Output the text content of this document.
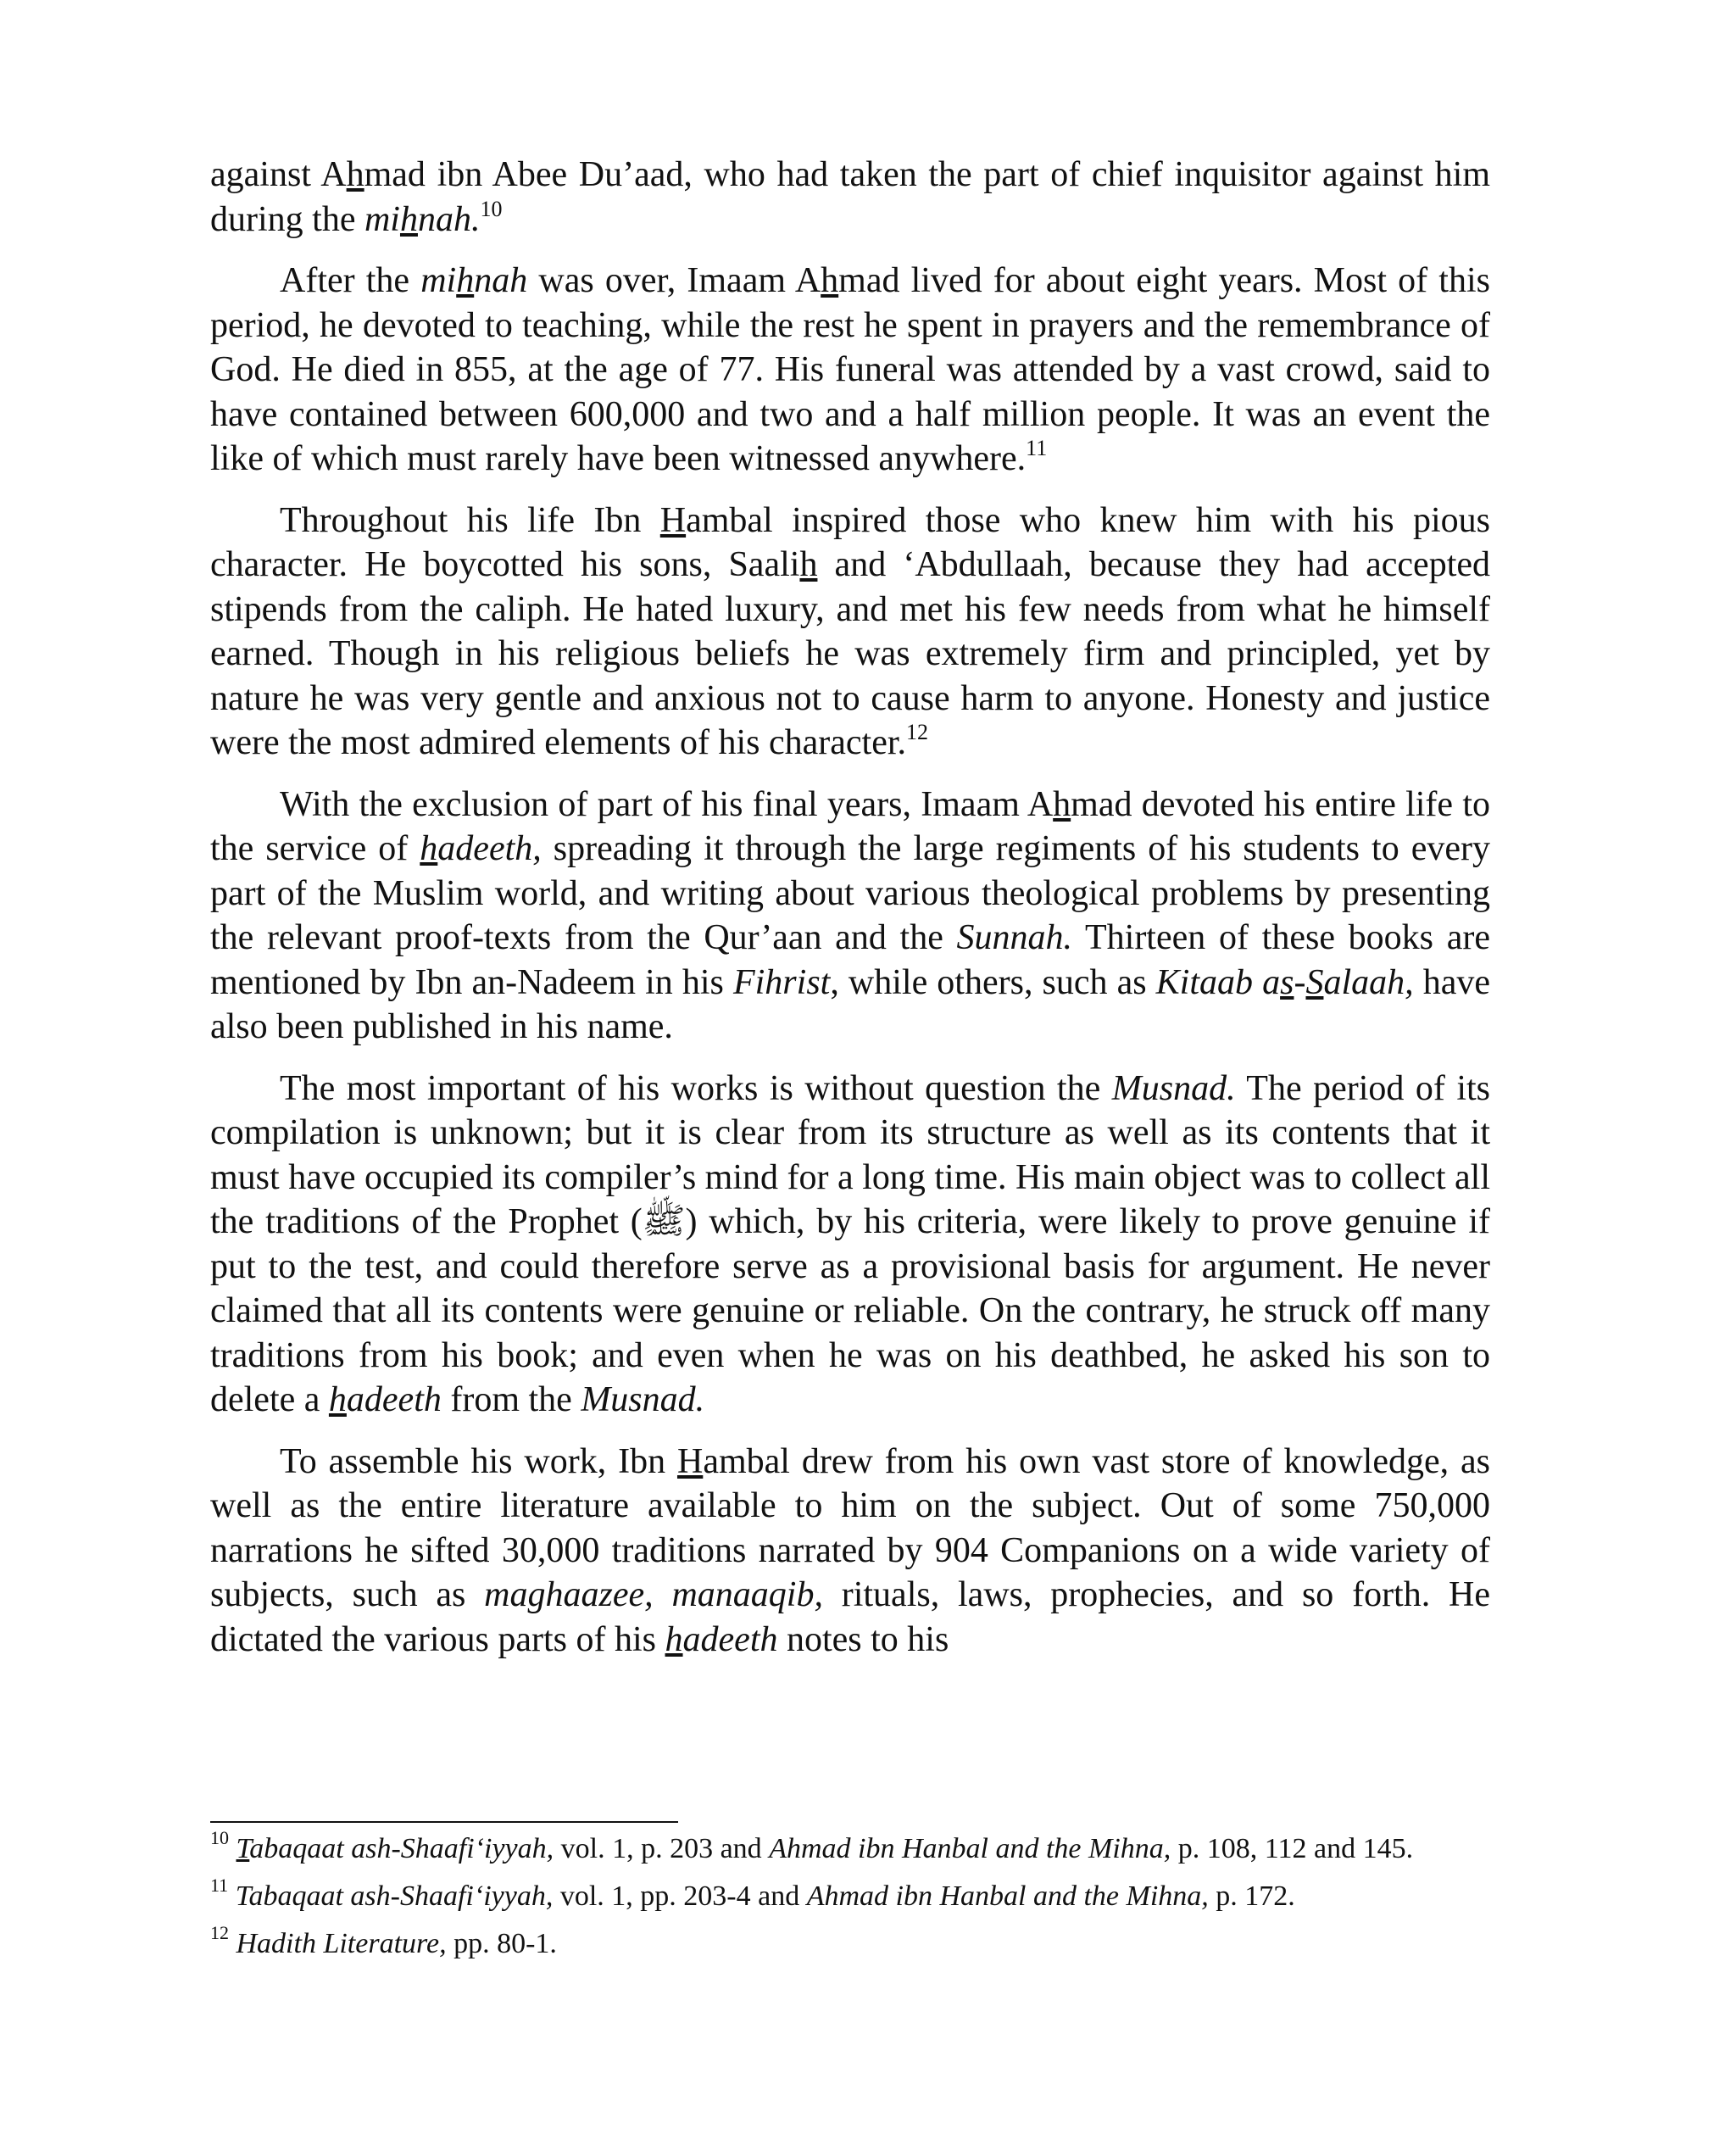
against Ahmad ibn Abee Du’aad, who had taken the part of chief inquisitor against him during the mihnah.$^{10}$

After the mihnah was over, Imaam Ahmad lived for about eight years. Most of this period, he devoted to teaching, while the rest he spent in prayers and the remembrance of God. He died in 855, at the age of 77. His funeral was attended by a vast crowd, said to have contained between 600,000 and two and a half million people. It was an event the like of which must rarely have been witnessed anywhere.$^{11}$

Throughout his life Ibn Hambal inspired those who knew him with his pious character. He boycotted his sons, Saalih and ‘Abdullaah, because they had accepted stipends from the caliph. He hated luxury, and met his few needs from what he himself earned. Though in his religious beliefs he was extremely firm and principled, yet by nature he was very gentle and anxious not to cause harm to anyone. Honesty and justice were the most admired elements of his character.$^{12}$

With the exclusion of part of his final years, Imaam Ahmad devoted his entire life to the service of hadeeth, spreading it through the large regiments of his students to every part of the Muslim world, and writing about various theological problems by presenting the relevant proof-texts from the Qur’aan and the Sunnah. Thirteen of these books are mentioned by Ibn an-Nadeem in his Fihrist, while others, such as Kitaab as-Salaah, have also been published in his name.

The most important of his works is without question the Musnad. The period of its compilation is unknown; but it is clear from its structure as well as its contents that it must have occupied its compiler’s mind for a long time. His main object was to collect all the traditions of the Prophet (ﷺ) which, by his criteria, were likely to prove genuine if put to the test, and could therefore serve as a provisional basis for argument. He never claimed that all its contents were genuine or reliable. On the contrary, he struck off many traditions from his book; and even when he was on his deathbed, he asked his son to delete a hadeeth from the Musnad.

To assemble his work, Ibn Hambal drew from his own vast store of knowledge, as well as the entire literature available to him on the subject. Out of some 750,000 narrations he sifted 30,000 traditions narrated by 904 Companions on a wide variety of subjects, such as maghaazee, manaaqib, rituals, laws, prophecies, and so forth. He dictated the various parts of his hadeeth notes to his

$^{10}$ Tabaqaat ash-Shaafi‘iyyah, vol. 1, p. 203 and Ahmad ibn Hanbal and the Mihna, p. 108, 112 and 145.

$^{11}$ Tabaqaat ash-Shaafi‘iyyah, vol. 1, pp. 203-4 and Ahmad ibn Hanbal and the Mihna, p. 172.

$^{12}$ Hadith Literature, pp. 80-1.
